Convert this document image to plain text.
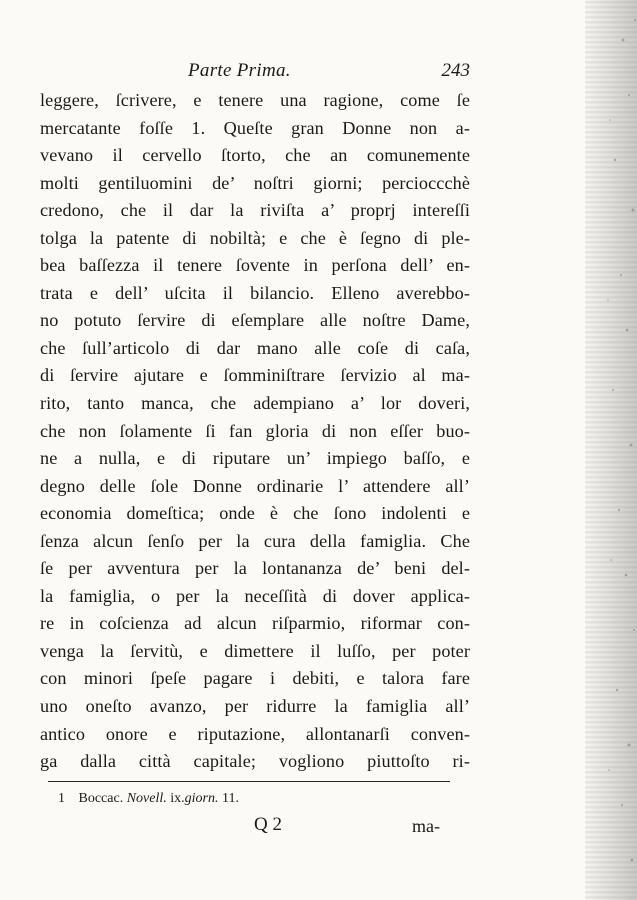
Parte Prima.	243
leggere, ſcrivere, e tenere una ragione, come ſe
mercatante foſſe 1. Queſte gran Donne non a-
vevano il cervello ſtorto, che an comunemente
molti gentiluomini de’ noſtri giorni; percioccchè
credono, che il dar la riviſta a’ proprj intereſſi
tolga la patente di nobiltà; e che è ſegno di ple-
bea baſſezza il tenere ſovente in perſona dell’ en-
trata e dell’ uſcita il bilancio. Elleno averebbo-
no potuto ſervire di eſemplare alle noſtre Dame,
che ſull’articolo di dar mano alle coſe di caſa,
di ſervire ajutare e ſomminiſtrare ſervizio al ma-
rito, tanto manca, che adempiano a’ lor doveri,
che non ſolamente ſi fan gloria di non eſſer buo-
ne a nulla, e di riputare un’ impiego baſſo, e
degno delle ſole Donne ordinarie l’ attendere all’
economia domeſtica; onde è che ſono indolenti e
ſenza alcun ſenſo per la cura della famiglia. Che
ſe per avventura per la lontananza de’ beni del-
la famiglia, o per la neceſſità di dover applica-
re in coſcienza ad alcun riſparmio, riformar con-
venga la ſervitù, e dimettere il luſſo, per poter
con minori ſpeſe pagare i debiti, e talora fare
uno oneſto avanzo, per ridurre la famiglia all’
antico onore e riputazione, allontanarſi conven-
ga dalla città capitale; vogliono piuttoſto ri-
1 Boccac. Novell. ix.giorn. 11.
Q 2	ma-
